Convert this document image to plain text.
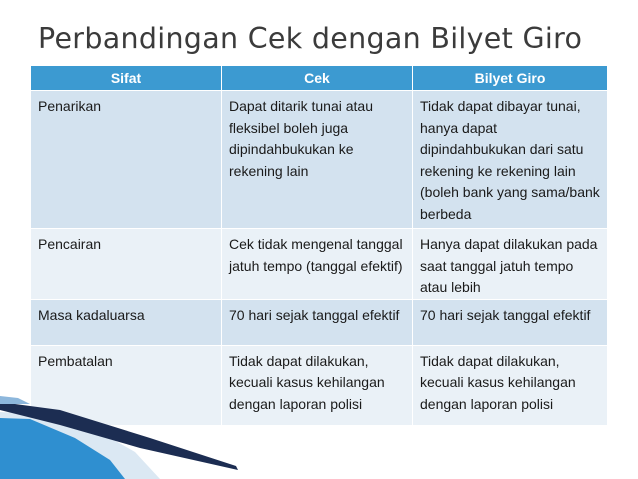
Perbandingan Cek dengan Bilyet Giro
Sifat	Cek	Bilyet Giro
Penarikan	Dapat ditarik tunai atau fleksibel boleh juga dipindahbukukan ke rekening lain	Tidak dapat dibayar tunai, hanya dapat dipindahbukukan dari satu rekening ke rekening lain (boleh bank yang sama/bank berbeda
Pencairan	Cek tidak mengenal tanggal jatuh tempo (tanggal efektif)	Hanya dapat dilakukan pada saat tanggal jatuh tempo atau lebih
Masa kadaluarsa	70 hari sejak tanggal efektif	70 hari sejak tanggal efektif
Pembatalan	Tidak dapat dilakukan, kecuali kasus kehilangan dengan laporan polisi	Tidak dapat dilakukan, kecuali kasus kehilangan dengan laporan polisi
